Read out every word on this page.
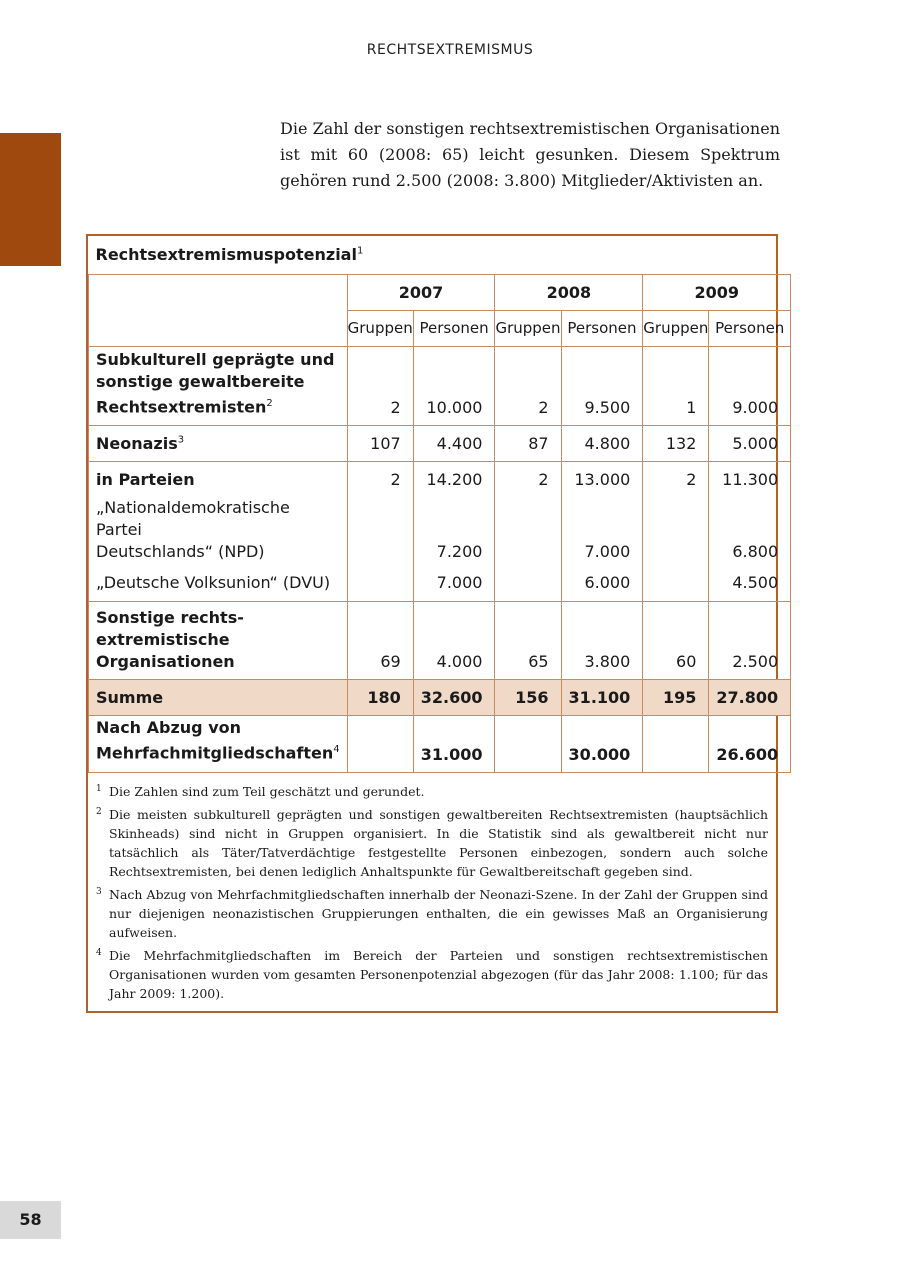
RECHTSEXTREMISMUS

Die Zahl der sonstigen rechtsextremistischen Organisationen ist mit 60 (2008: 65) leicht gesunken. Diesem Spektrum gehören rund 2.500 (2008: 3.800) Mitglieder/Aktivisten an.

Rechtsextremismuspotenzial$^1$
	2007		2008		2009	
	Gruppen	Personen	Gruppen	Personen	Gruppen	Personen
Subkulturell geprägte und
sonstige gewaltbereite
Rechtsextremisten$^2$	2	10.000	2	9.500	1	9.000
Neonazis$^3$	107	4.400	87	4.800	132	5.000
in Parteien	2	14.200	2	13.000	2	11.300
„Nationaldemokratische Partei
Deutschlands“ (NPD)		7.200		7.000		6.800
„Deutsche Volksunion“ (DVU)		7.000		6.000		4.500
Sonstige rechts-
extremistische
Organisationen	69	4.000	65	3.800	60	2.500
Summe	180	32.600	156	31.100	195	27.800
Nach Abzug von
Mehrfachmitgliedschaften$^4$		31.000		30.000		26.600
1 Die Zahlen sind zum Teil geschätzt und gerundet.
2 Die meisten subkulturell geprägten und sonstigen gewaltbereiten Rechtsextremisten (hauptsächlich Skinheads) sind nicht in Gruppen organisiert. In die Statistik sind als gewaltbereit nicht nur tatsächlich als Täter/Tatverdächtige festgestellte Personen einbezogen, sondern auch solche Rechtsextremisten, bei denen lediglich Anhaltspunkte für Gewaltbereitschaft gegeben sind.
3 Nach Abzug von Mehrfachmitgliedschaften innerhalb der Neonazi-Szene. In der Zahl der Gruppen sind nur diejenigen neonazistischen Gruppierungen enthalten, die ein gewisses Maß an Organisierung aufweisen.
4 Die Mehrfachmitgliedschaften im Bereich der Parteien und sonstigen rechtsextremistischen Organisationen wurden vom gesamten Personenpotenzial abgezogen (für das Jahr 2008: 1.100; für das Jahr 2009: 1.200).
58
